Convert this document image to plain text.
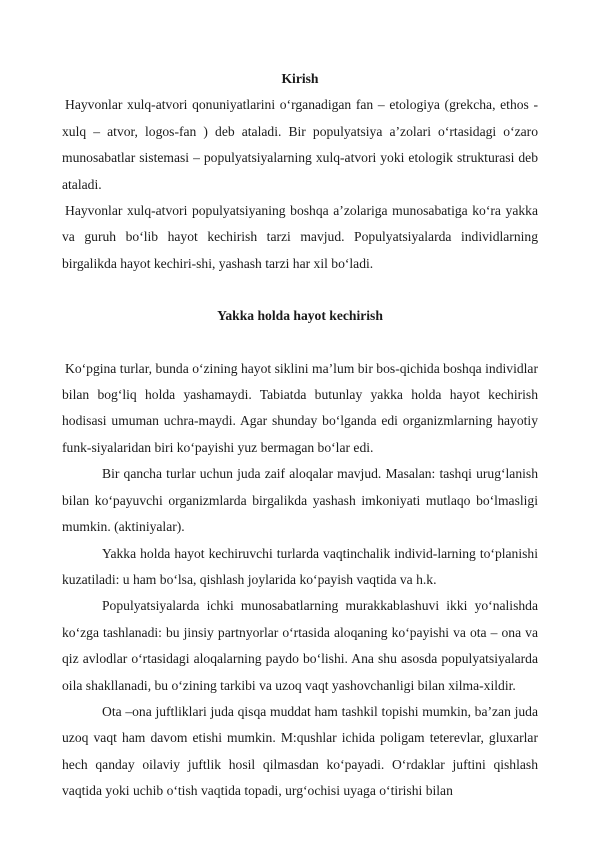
Kirish

Hayvonlar xulq-atvori qonuniyatlarini o‘rganadigan fan – etologiya (grekcha, ethos - xulq – atvor, logos-fan ) deb ataladi. Bir populyatsiya a’zolari o‘rtasidagi o‘zaro munosabatlar sistemasi – populyatsiyalarning xulq-atvori yoki etologik strukturasi deb ataladi.

Hayvonlar xulq-atvori populyatsiyaning boshqa a’zolariga munosabatiga ko‘ra yakka va guruh bo‘lib hayot kechirish tarzi mavjud. Populyatsiyalarda individlarning birgalikda hayot kechiri-shi, yashash tarzi har xil bo‘ladi.

Yakka holda hayot kechirish

Ko‘pgina turlar, bunda o‘zining hayot siklini ma’lum bir bos-qichida boshqa individlar bilan bog‘liq holda yashamaydi. Tabiatda butunlay yakka holda hayot kechirish hodisasi umuman uchra-maydi. Agar shunday bo‘lganda edi organizmlarning hayotiy funk-siyalaridan biri ko‘payishi yuz bermagan bo‘lar edi.

Bir qancha turlar uchun juda zaif aloqalar mavjud. Masalan: tashqi urug‘lanish bilan ko‘payuvchi organizmlarda birgalikda yashash imkoniyati mutlaqo bo‘lmasligi mumkin. (aktiniyalar).

Yakka holda hayot kechiruvchi turlarda vaqtinchalik individ-larning to‘planishi kuzatiladi: u ham bo‘lsa, qishlash joylarida ko‘payish vaqtida va h.k.

Populyatsiyalarda ichki munosabatlarning murakkablashuvi ikki yo‘nalishda ko‘zga tashlanadi: bu jinsiy partnyorlar o‘rtasida aloqaning ko‘payishi va ota – ona va qiz avlodlar o‘rtasidagi aloqalarning paydo bo‘lishi. Ana shu asosda populyatsiyalarda oila shakllanadi, bu o‘zining tarkibi va uzoq vaqt yashovchanligi bilan xilma-xildir.

Ota –ona juftliklari juda qisqa muddat ham tashkil topishi mumkin, ba’zan juda uzoq vaqt ham davom etishi mumkin. M:qushlar ichida poligam teterevlar, gluxarlar hech qanday oilaviy juftlik hosil qilmasdan ko‘payadi. O‘rdaklar juftini qishlash vaqtida yoki uchib o‘tish vaqtida topadi, urg‘ochisi uyaga o‘tirishi bilan
